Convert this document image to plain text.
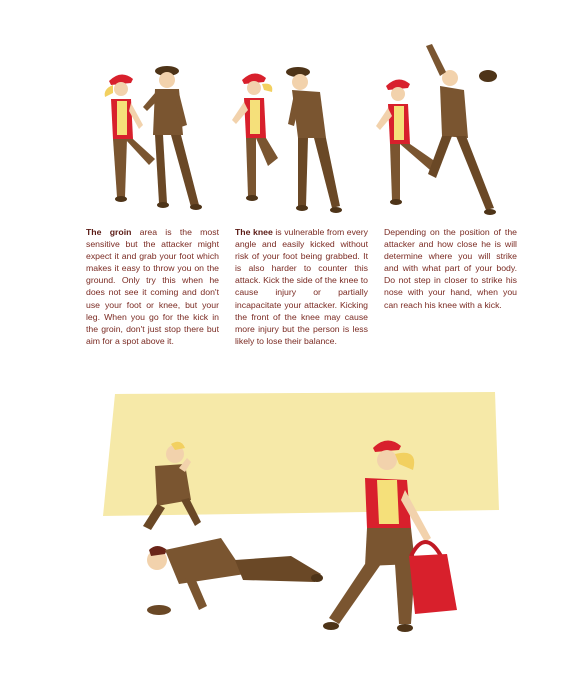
The groin area is the most sensitive but the attacker might expect it and grab your foot which makes it easy to throw you on the ground. Only try this when he does not see it coming and don't use your foot or knee, but your leg. When you go for the kick in the groin, don't just stop there but aim for a spot above it.

The knee is vulnerable from every angle and easily kicked without risk of your foot being grabbed. It is also harder to counter this attack. Kick the side of the knee to cause injury or partially incapacitate your attacker. Kicking the front of the knee may cause more injury but the person is less likely to lose their balance.

Depending on the position of the attacker and how close he is will determine where you will strike and with what part of your body. Do not step in closer to strike his nose with your hand, when you can reach his knee with a kick.
